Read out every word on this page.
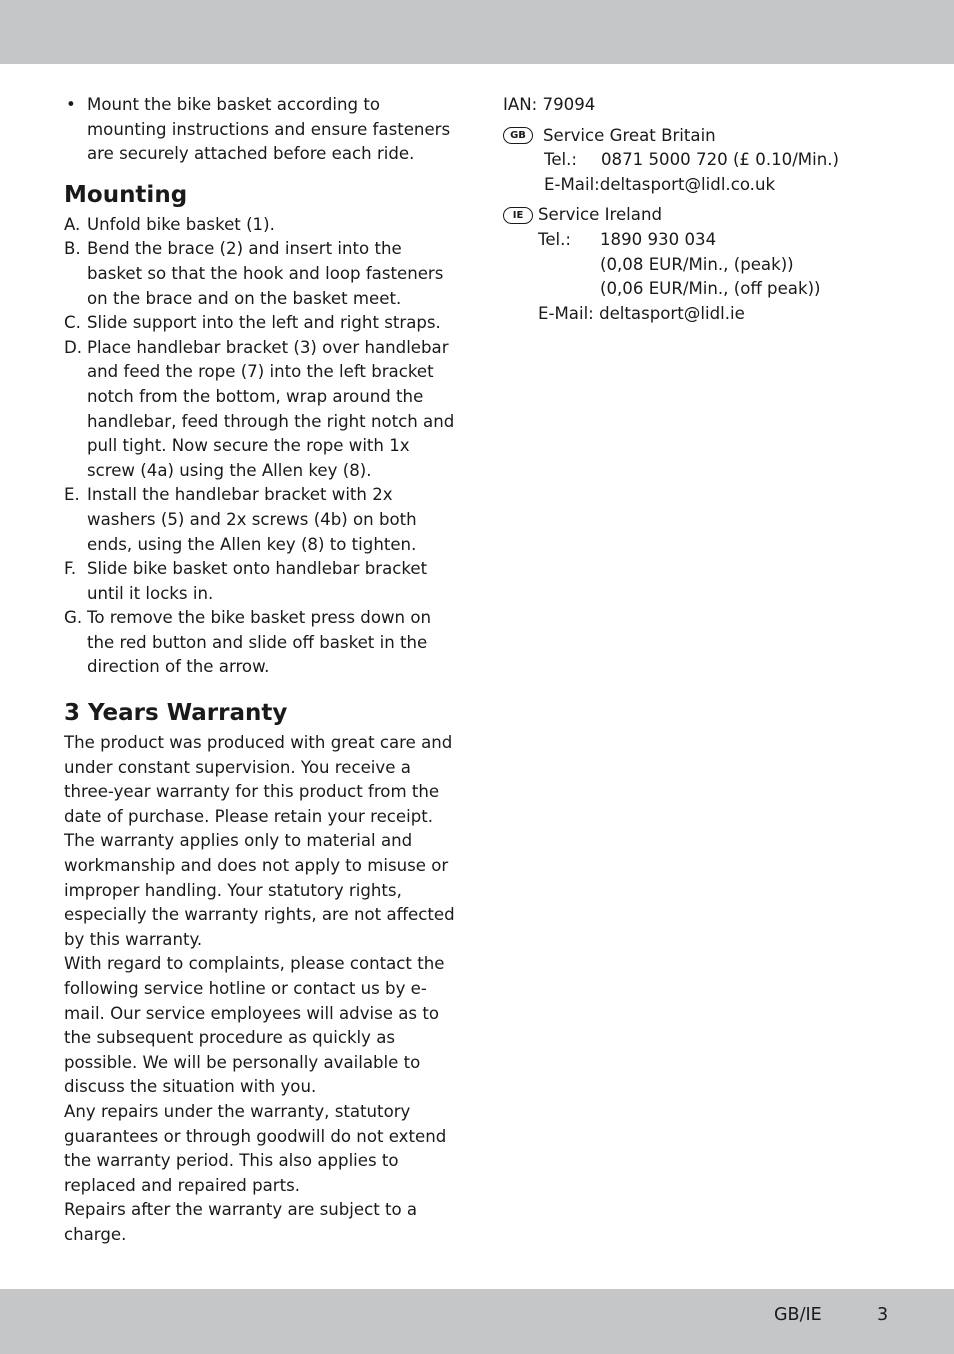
• Mount the bike basket according to mounting instructions and ensure fasteners are securely attached before each ride.
Mounting
A. Unfold bike basket (1).
B. Bend the brace (2) and insert into the basket so that the hook and loop fasteners on the brace and on the basket meet.
C. Slide support into the left and right straps.
D. Place handlebar bracket (3) over handlebar and feed the rope (7) into the left bracket notch from the bottom, wrap around the handlebar, feed through the right notch and pull tight. Now secure the rope with 1x screw (4a) using the Allen key (8).
E. Install the handlebar bracket with 2x washers (5) and 2x screws (4b) on both ends, using the Allen key (8) to tighten.
F. Slide bike basket onto handlebar bracket until it locks in.
G. To remove the bike basket press down on the red button and slide off basket in the direction of the arrow.
3 Years Warranty
The product was produced with great care and under constant supervision. You receive a three-year warranty for this product from the date of purchase. Please retain your receipt.
The warranty applies only to material and workmanship and does not apply to misuse or improper handling. Your statutory rights, especially the warranty rights, are not affected by this warranty.
With regard to complaints, please contact the following service hotline or contact us by e-mail. Our service employees will advise as to the subsequent procedure as quickly as possible. We will be personally available to discuss the situation with you.
Any repairs under the warranty, statutory guarantees or through goodwill do not extend the warranty period. This also applies to replaced and repaired parts.
Repairs after the warranty are subject to a charge.
IAN: 79094
GB	Service Great Britain
Tel.: 0871 5000 720 (£ 0.10/Min.)
E-Mail:deltasport@lidl.co.uk
IE Service Ireland
Tel.: 1890 930 034
(0,08 EUR/Min., (peak))
(0,06 EUR/Min., (off peak))
E-Mail: deltasport@lidl.ie
GB/IE	3
